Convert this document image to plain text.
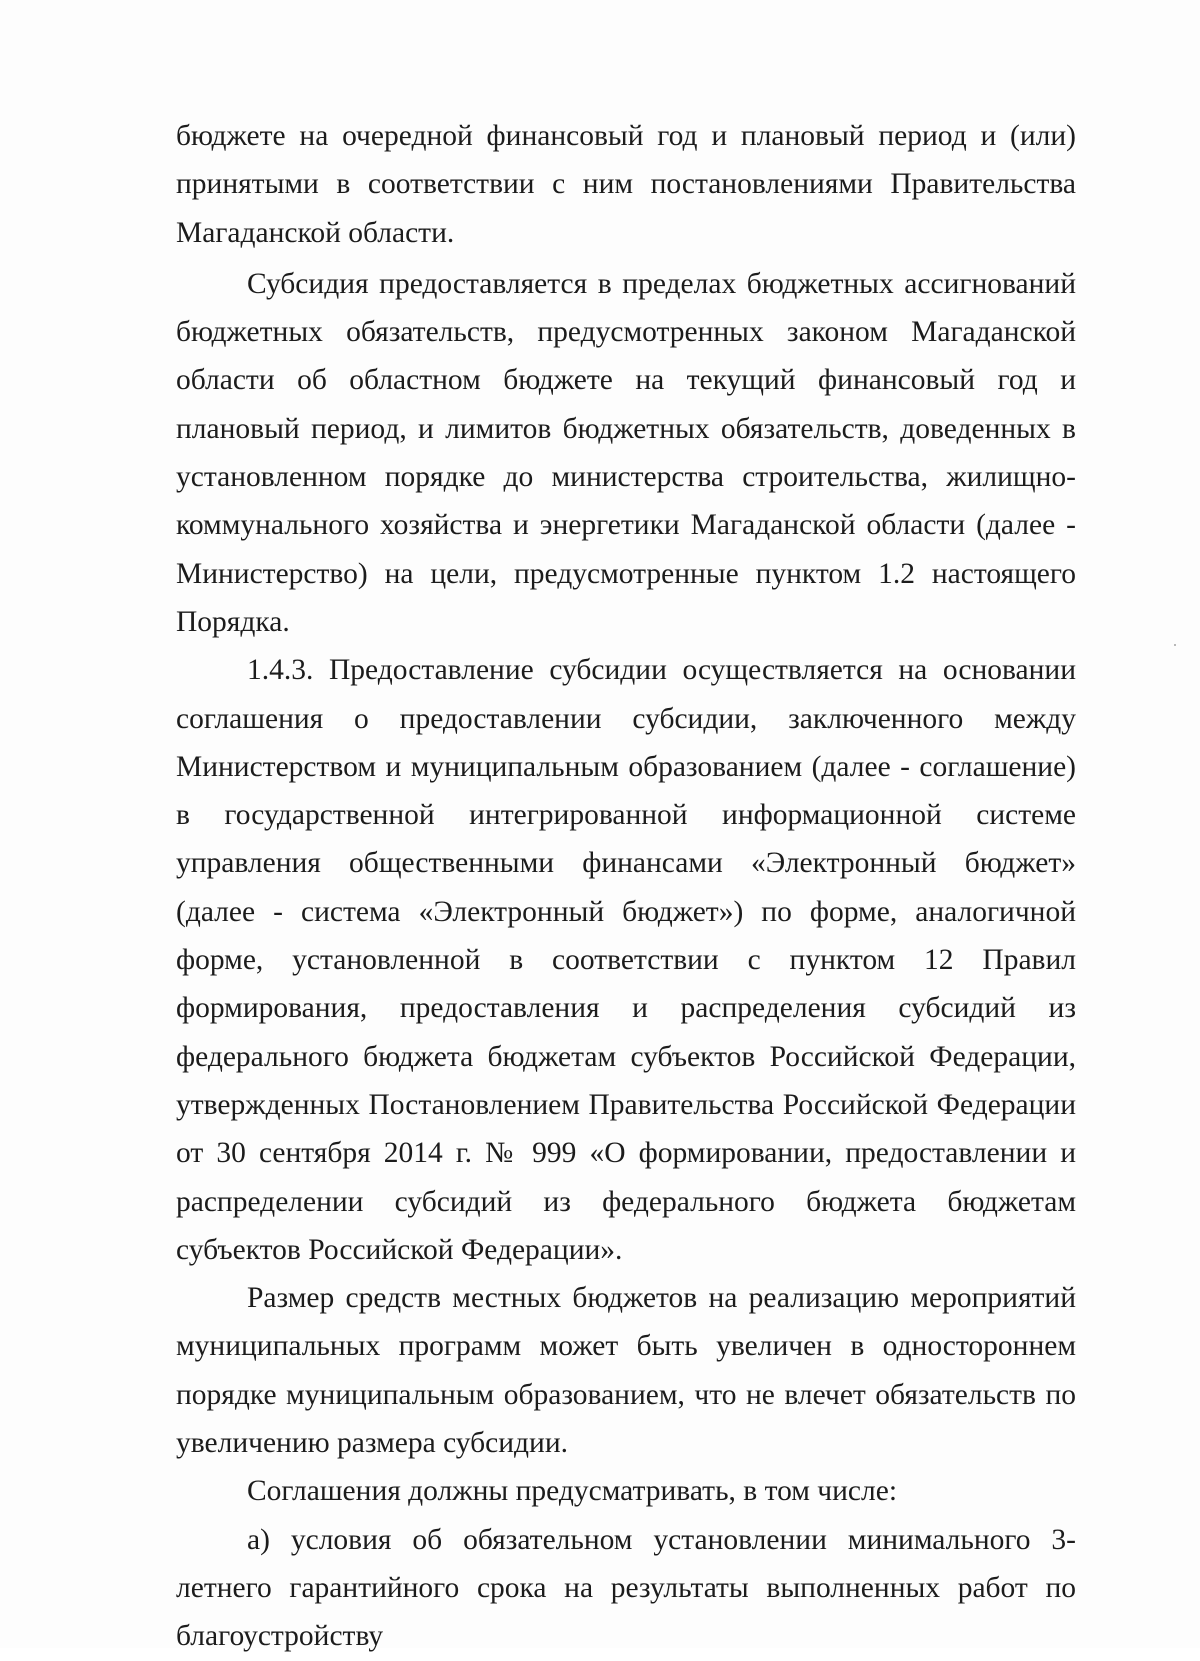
бюджете на очередной финансовый год и плановый период и (или) принятыми в соответствии с ним постановлениями Правительства Магаданской области.

Субсидия предоставляется в пределах бюджетных ассигнований бюджетных обязательств, предусмотренных законом Магаданской области об областном бюджете на текущий финансовый год и плановый период, и лимитов бюджетных обязательств, доведенных в установленном порядке до министерства строительства, жилищно-коммунального хозяйства и энергетики Магаданской области (далее - Министерство) на цели, предусмотренные пунктом 1.2 настоящего Порядка.

1.4.3. Предоставление субсидии осуществляется на основании соглашения о предоставлении субсидии, заключенного между Министерством и муниципальным образованием (далее - соглашение) в государственной интегрированной информационной системе управления общественными финансами «Электронный бюджет» (далее - система «Электронный бюджет») по форме, аналогичной форме, установленной в соответствии с пунктом 12 Правил формирования, предоставления и распределения субсидий из федерального бюджета бюджетам субъектов Российской Федерации, утвержденных Постановлением Правительства Российской Федерации от 30 сентября 2014 г. № 999 «О формировании, предоставлении и распределении субсидий из федерального бюджета бюджетам субъектов Российской Федерации».

Размер средств местных бюджетов на реализацию мероприятий муниципальных программ может быть увеличен в одностороннем порядке муниципальным образованием, что не влечет обязательств по увеличению размера субсидии.

Соглашения должны предусматривать, в том числе:

а) условия об обязательном установлении минимального 3-летнего гарантийного срока на результаты выполненных работ по благоустройству
